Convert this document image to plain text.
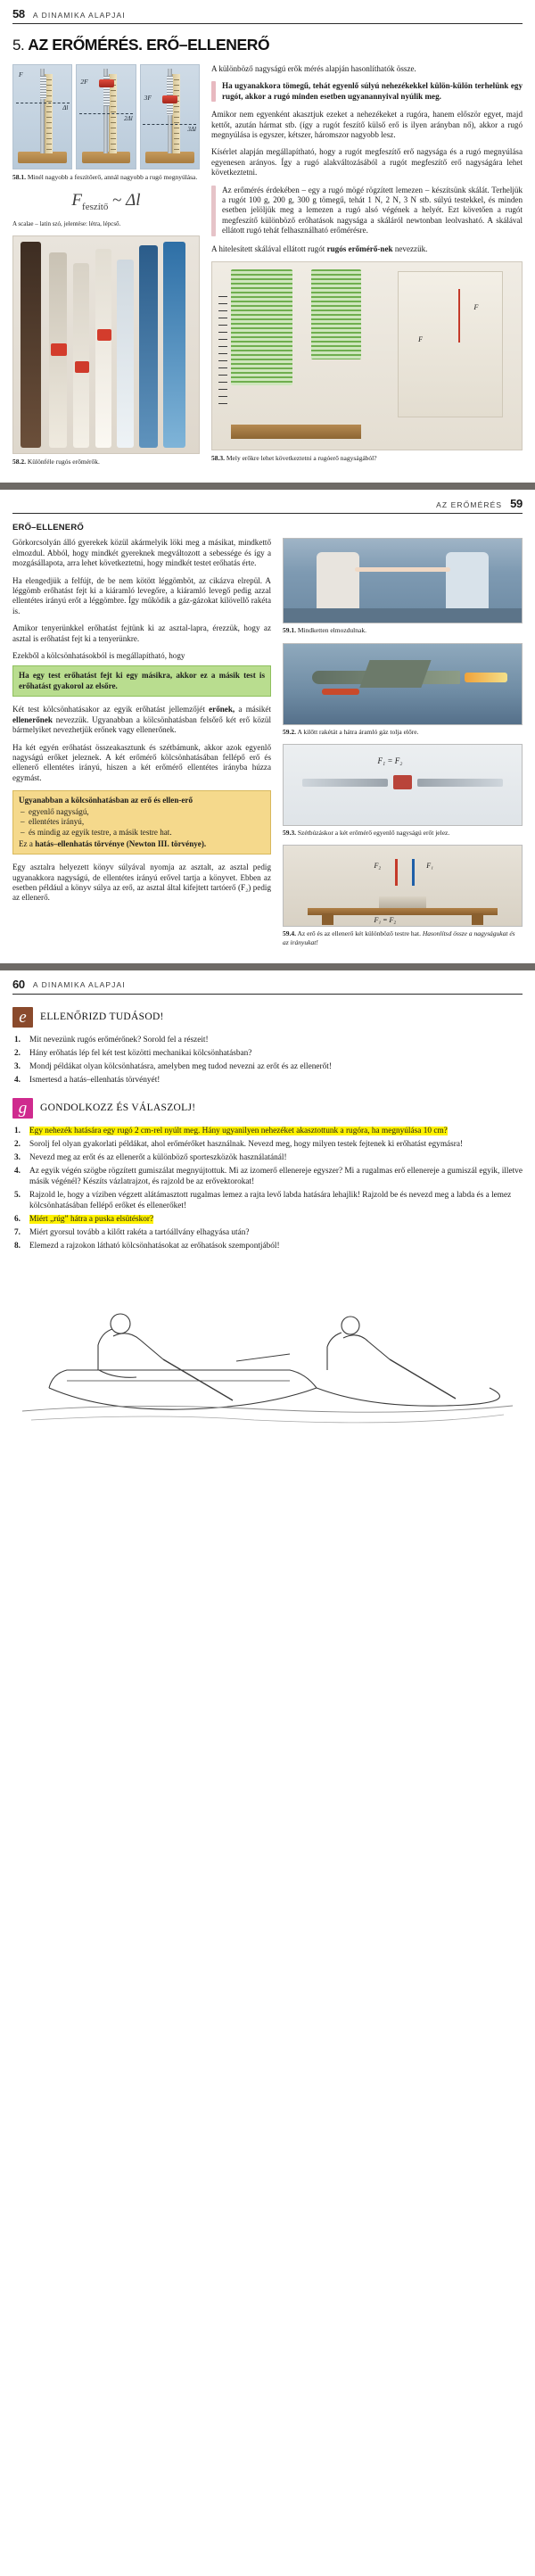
58 A DINAMIKA ALAPJAI
5. AZ ERŐMÉRÉS. ERŐ–ELLENERŐ
F
Δl
2F
2Δl
3F
3Δl
58.1. Minél nagyobb a feszítőerő, annál nagyobb a rugó megnyúlása.
$F_{feszítő}$ ~ Δl
A scalae – latin szó, jelentése: létra, lépcső.
58.2. Különféle rugós erőmérők.

A különböző nagyságú erők mérés alapján hasonlíthatók össze.

Ha ugyanakkora tömegű, tehát egyenlő súlyú nehezékekkel külön-külön terhelünk egy rugót, akkor a rugó minden esetben ugyanannyival nyúlik meg.

Amikor nem egyenként akasztjuk ezeket a nehezékeket a rugóra, hanem először egyet, majd kettőt, azután hármat stb. (így a rugót feszítő külső erő is ilyen arányban nő), akkor a rugó megnyúlása is egyszer, kétszer, háromszor nagyobb lesz.

Kísérlet alapján megállapítható, hogy a rugót megfeszítő erő nagysága és a rugó megnyúlása egyenesen arányos. Így a rugó alakváltozásából a rugót megfeszítő erő nagyságára lehet következtetni.

Az erőmérés érdekében – egy a rugó mögé rögzített lemezen – készítsünk skálát. Terheljük a rugót 100 g, 200 g, 300 g tömegű, tehát 1 N, 2 N, 3 N stb. súlyú testekkel, és minden esetben jelöljük meg a lemezen a rugó alsó végének a helyét. Ezt követően a rugót megfeszítő különböző erőhatások nagysága a skáláról newtonban leolvasható. A skálával ellátott rugó tehát felhasználható erőmérésre.

A hitelesített skálával ellátott rugót rugós erőmérő-nek nevezzük.

F
F
58.3. Mely erőkre lehet következtetni a rugóerő nagyságából?
AZ ERŐMÉRÉS 59
ERŐ–ELLENERŐ

Görkorcsolyán álló gyerekek közül akármelyik löki meg a másikat, mindkettő elmozdul. Abból, hogy mindkét gyereknek megváltozott a sebessége és így a mozgásállapota, arra lehet következtetni, hogy mindkét testet erőhatás érte.

Ha elengedjük a felfújt, de be nem kötött léggömböt, az cikázva elrepül. A léggömb erőhatást fejt ki a kiáramló levegőre, a kiáramló levegő pedig azzal ellentétes irányú erőt a léggömbre. Így működik a gáz-gázokat kilövellő rakéta is.

Amikor tenyerünkkel erőhatást fejtünk ki az asztal-lapra, érezzük, hogy az asztal is erőhatást fejt ki a tenyerünkre.

Ezekből a kölcsönhatásokból is megállapítható, hogy

Ha egy test erőhatást fejt ki egy másikra, akkor ez a másik test is erőhatást gyakorol az elsőre.

Két test kölcsönhatásakor az egyik erőhatást jellemzőjét erőnek, a másikét ellenerőnek nevezzük. Ugyanabban a kölcsönhatásban felsőrő két erő közül bármelyiket nevezhetjük erőnek vagy ellenerőnek.

Ha két egyén erőhatást összeakasztunk és szétbámunk, akkor azok egyenlő nagyságú erőket jeleznek. A két erőmérő kölcsönhatásában fellépő erő és ellenerő ellentétes irányú, hiszen a két erőmérő ellentétes irányba húzza egymást.

Ugyanabban a kölcsönhatásban az erő és ellen-erő
– egyenlő nagyságú,
– ellentétes irányú,
– és mindig az egyik testre, a másik testre hat.
Ez a hatás–ellenhatás törvénye (Newton III. törvénye).

Egy asztalra helyezett könyv súlyával nyomja az asztalt, az asztal pedig ugyanakkora nagyságú, de ellentétes irányú erővel tartja a könyvet. Ebben az esetben például a könyv súlya az erő, az asztal által kifejtett tartóerő (F₂) pedig az ellenerő.

59.1. Mindketten elmozdulnak.
59.2. A kilőtt rakétát a hátra áramló gáz tolja előre.
F₁ = F₂
59.3. Szétbúzáskor a két erőmérő egyenlő nagyságú erőt jelez.
F₂	F₁
F₁ = F₂
59.4. Az erő és az ellenerő két különböző testre hat. Hasonlítsd össze a nagyságukat és az irányukat!
60 A DINAMIKA ALAPJAI
e	ELLENŐRIZD TUDÁSOD!
Mit nevezünk rugós erőmérőnek? Sorold fel a részeit!
Hány erőhatás lép fel két test közötti mechanikai kölcsönhatásban?
Mondj példákat olyan kölcsönhatásra, amelyben meg tudod nevezni az erőt és az ellenerőt!
Ismertesd a hatás–ellenhatás törvényét!
g	GONDOLKOZZ ÉS VÁLASZOLJ!
Egy nehezék hatására egy rugó 2 cm-rel nyúlt meg. Hány ugyanilyen nehezéket akasztottunk a rugóra, ha megnyúlása 10 cm?
Sorolj fel olyan gyakorlati példákat, ahol erőmérőket használnak. Nevezd meg, hogy milyen testek fejtenek ki erőhatást egymásra!
Nevezd meg az erőt és az ellenerőt a különböző sporteszközök használatánál!
Az egyik végén szögbe rögzített gumiszálat megnyújtottuk. Mi az izomerő ellenereje egyszer? Mi a rugalmas erő ellenereje a gumiszál egyik, illetve másik végénél? Készíts vázlatrajzot, és rajzold be az erővektorokat!
Rajzold le, hogy a víziben végzett alátámasztott rugalmas lemez a rajta levő labda hatására lehajlik! Rajzold be és nevezd meg a labda és a lemez kölcsönhatásában fellépő erőket és ellenerőket!
Miért „rúg” hátra a puska elsütéskor?
Miért gyorsul tovább a kilőtt rakéta a tartóállvány elhagyása után?
Elemezd a rajzokon látható kölcsönhatásokat az erőhatások szempontjából!
